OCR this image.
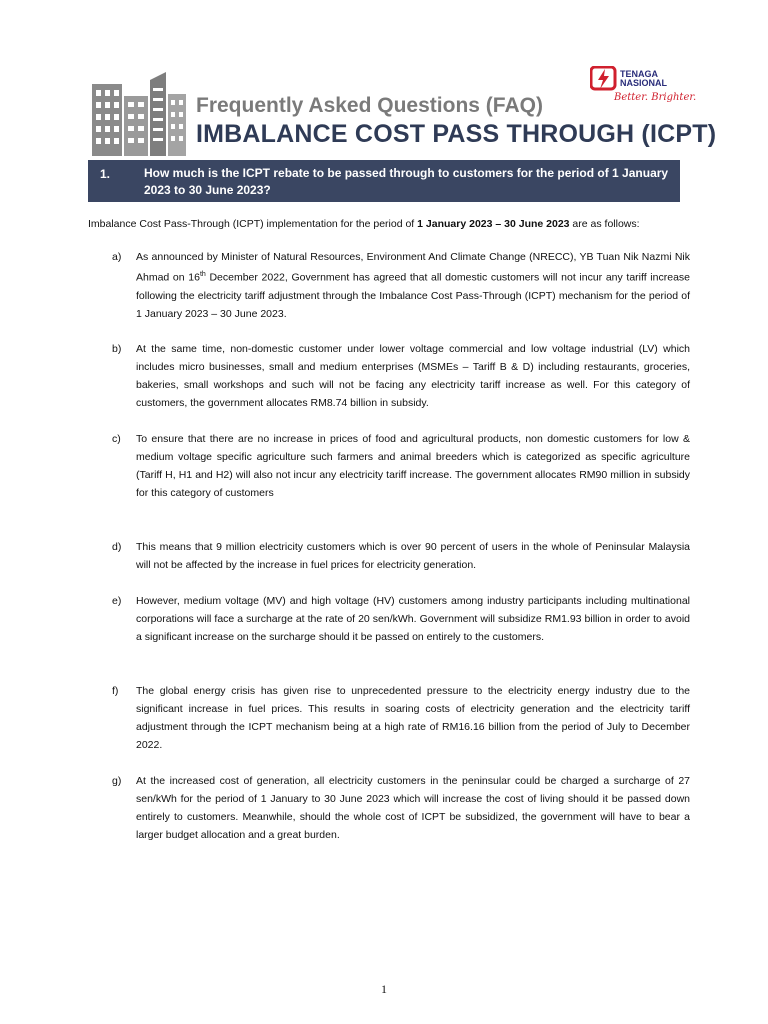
Frequently Asked Questions (FAQ)
IMBALANCE COST PASS THROUGH (ICPT)
TENAGA
NASIONAL
Better. Brighter.
1.	How much is the ICPT rebate to be passed through to customers for the period of 1 January 2023 to 30 June 2023?
Imbalance Cost Pass-Through (ICPT) implementation for the period of 1 January 2023 – 30 June 2023 are as follows:
a) As announced by Minister of Natural Resources, Environment And Climate Change (NRECC), YB Tuan Nik Nazmi Nik Ahmad on 16th December 2022, Government has agreed that all domestic customers will not incur any tariff increase following the electricity tariff adjustment through the Imbalance Cost Pass-Through (ICPT) mechanism for the period of 1 January 2023 – 30 June 2023.
b) At the same time, non-domestic customer under lower voltage commercial and low voltage industrial (LV) which includes micro businesses, small and medium enterprises (MSMEs – Tariff B & D) including restaurants, groceries, bakeries, small workshops and such will not be facing any electricity tariff increase as well. For this category of customers, the government allocates RM8.74 billion in subsidy.
c) To ensure that there are no increase in prices of food and agricultural products, non domestic customers for low & medium voltage specific agriculture such farmers and animal breeders which is categorized as specific agriculture (Tariff H, H1 and H2) will also not incur any electricity tariff increase. The government allocates RM90 million in subsidy for this category of customers
d) This means that 9 million electricity customers which is over 90 percent of users in the whole of Peninsular Malaysia will not be affected by the increase in fuel prices for electricity generation.
e) However, medium voltage (MV) and high voltage (HV) customers among industry participants including multinational corporations will face a surcharge at the rate of 20 sen/kWh. Government will subsidize RM1.93 billion in order to avoid a significant increase on the surcharge should it be passed on entirely to the customers.
f) The global energy crisis has given rise to unprecedented pressure to the electricity energy industry due to the significant increase in fuel prices. This results in soaring costs of electricity generation and the electricity tariff adjustment through the ICPT mechanism being at a high rate of RM16.16 billion from the period of July to December 2022.
g) At the increased cost of generation, all electricity customers in the peninsular could be charged a surcharge of 27 sen/kWh for the period of 1 January to 30 June 2023 which will increase the cost of living should it be passed down entirely to customers. Meanwhile, should the whole cost of ICPT be subsidized, the government will have to bear a larger budget allocation and a great burden.
1
